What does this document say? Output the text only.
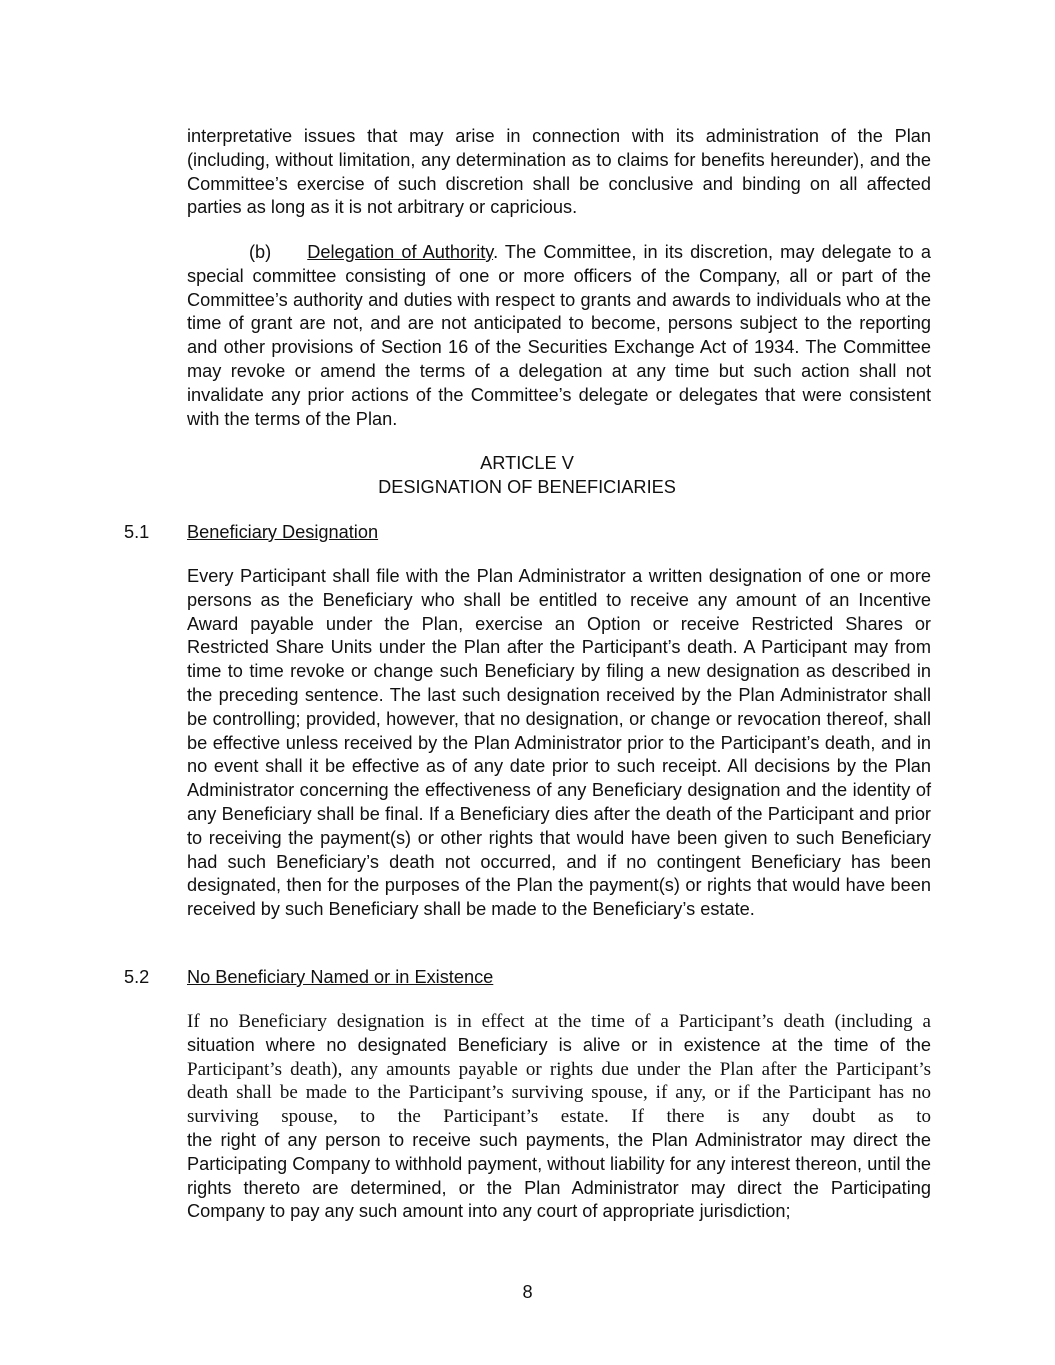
interpretative issues that may arise in connection with its administration of the Plan (including, without limitation, any determination as to claims for benefits hereunder), and the Committee’s exercise of such discretion shall be conclusive and binding on all affected parties as long as it is not arbitrary or capricious.

(b) Delegation of Authority. The Committee, in its discretion, may delegate to a special committee consisting of one or more officers of the Company, all or part of the Committee’s authority and duties with respect to grants and awards to individuals who at the time of grant are not, and are not anticipated to become, persons subject to the reporting and other provisions of Section 16 of the Securities Exchange Act of 1934. The Committee may revoke or amend the terms of a delegation at any time but such action shall not invalidate any prior actions of the Committee’s delegate or delegates that were consistent with the terms of the Plan.

ARTICLE V

DESIGNATION OF BENEFICIARIES

5.1 Beneficiary Designation

Every Participant shall file with the Plan Administrator a written designation of one or more persons as the Beneficiary who shall be entitled to receive any amount of an Incentive Award payable under the Plan, exercise an Option or receive Restricted Shares or Restricted Share Units under the Plan after the Participant’s death. A Participant may from time to time revoke or change such Beneficiary by filing a new designation as described in the preceding sentence. The last such designation received by the Plan Administrator shall be controlling; provided, however, that no designation, or change or revocation thereof, shall be effective unless received by the Plan Administrator prior to the Participant’s death, and in no event shall it be effective as of any date prior to such receipt. All decisions by the Plan Administrator concerning the effectiveness of any Beneficiary designation and the identity of any Beneficiary shall be final. If a Beneficiary dies after the death of the Participant and prior to receiving the payment(s) or other rights that would have been given to such Beneficiary had such Beneficiary’s death not occurred, and if no contingent Beneficiary has been designated, then for the purposes of the Plan the payment(s) or rights that would have been received by such Beneficiary shall be made to the Beneficiary’s estate.

5.2 No Beneficiary Named or in Existence

If no Beneficiary designation is in effect at the time of a Participant’s death (including a
situation where no designated Beneficiary is alive or in existence at the time of the
Participant’s death), any amounts payable or rights due under the Plan after the Participant’s death shall be made to the Participant’s surviving spouse, if any, or if the Participant has no surviving spouse, to the Participant’s estate. If there is any doubt as to
the right of any person to receive such payments, the Plan Administrator may direct the Participating Company to withhold payment, without liability for any interest thereon, until the rights thereto are determined, or the Plan Administrator may direct the Participating Company to pay any such amount into any court of appropriate jurisdiction;
8
